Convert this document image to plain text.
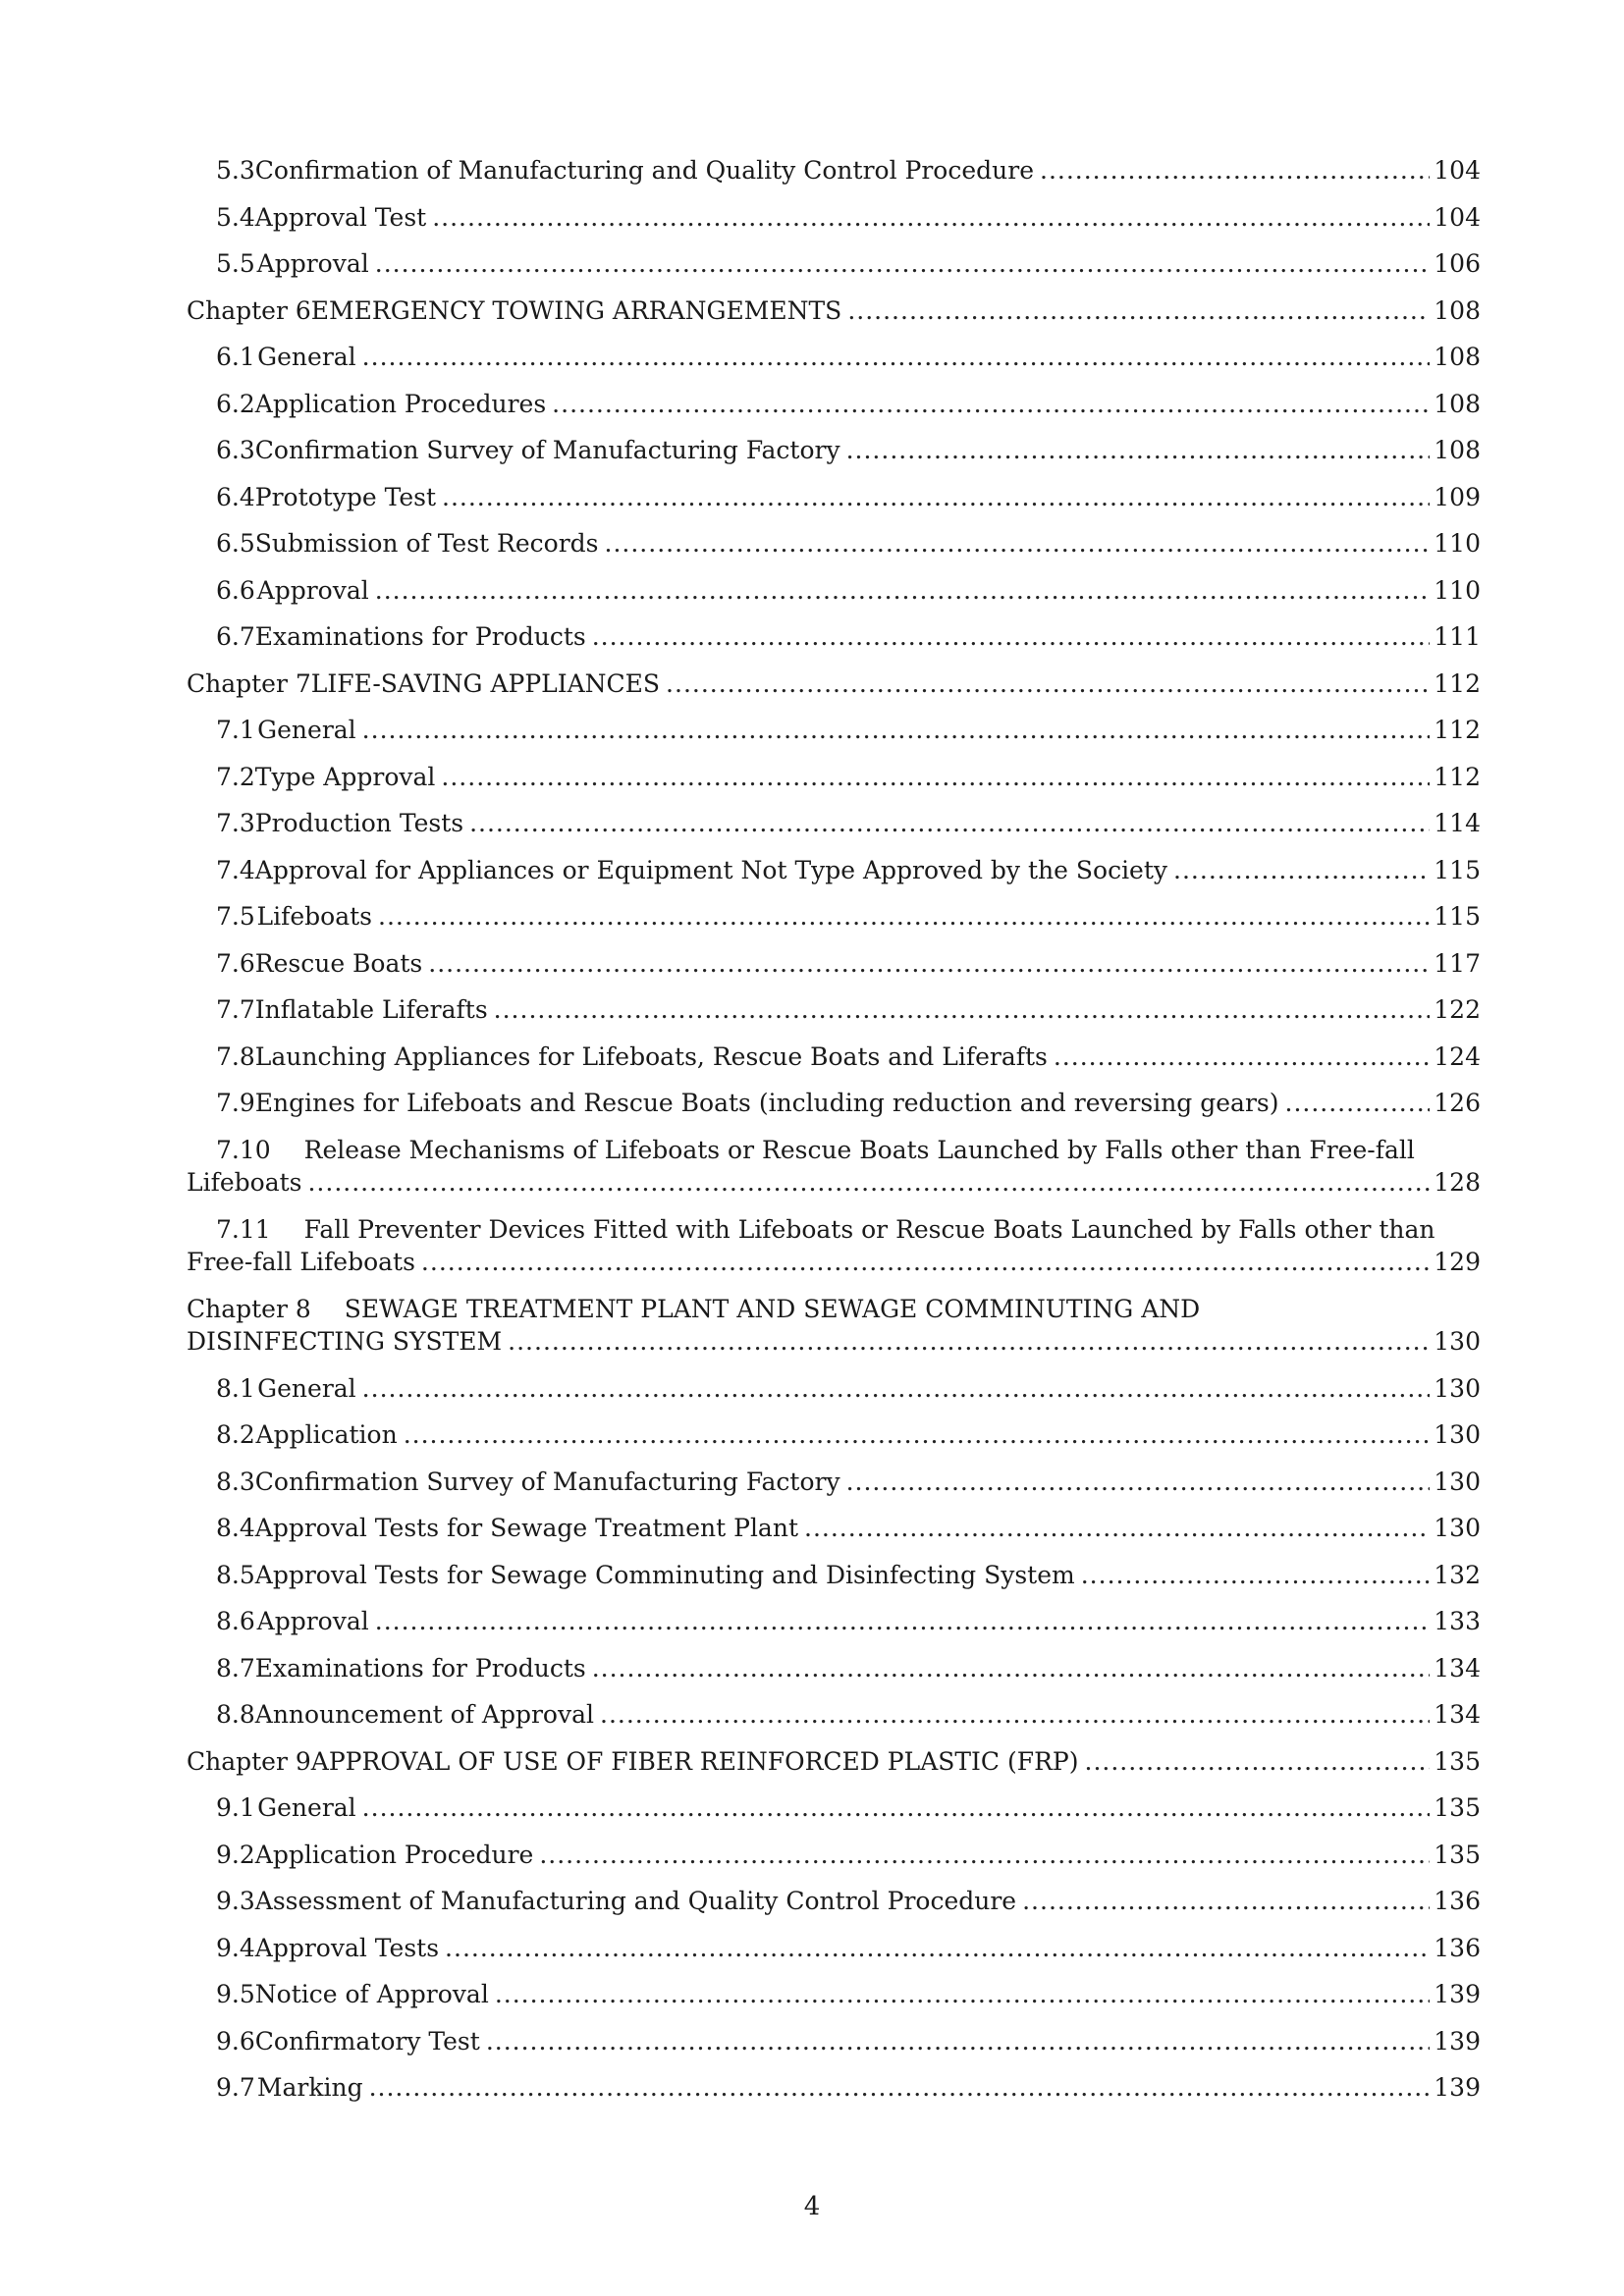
5.3 Confirmation of Manufacturing and Quality Control Procedure .....	104
5.4 Approval Test .....	104
5.5 Approval .....	106
Chapter 6 EMERGENCY TOWING ARRANGEMENTS .....	108
6.1 General .....	108
6.2 Application Procedures .....	108
6.3 Confirmation Survey of Manufacturing Factory .....	108
6.4 Prototype Test .....	109
6.5 Submission of Test Records .....	110
6.6 Approval .....	110
6.7 Examinations for Products .....	111
Chapter 7 LIFE-SAVING APPLIANCES .....	112
7.1 General .....	112
7.2 Type Approval .....	112
7.3 Production Tests .....	114
7.4 Approval for Appliances or Equipment Not Type Approved by the Society .....	115
7.5 Lifeboats .....	115
7.6 Rescue Boats .....	117
7.7 Inflatable Liferafts .....	122
7.8 Launching Appliances for Lifeboats, Rescue Boats and Liferafts .....	124
7.9 Engines for Lifeboats and Rescue Boats (including reduction and reversing gears) .....	126
7.10 Release Mechanisms of Lifeboats or Rescue Boats Launched by Falls other than Free-fall
Lifeboats .....	128
7.11 Fall Preventer Devices Fitted with Lifeboats or Rescue Boats Launched by Falls other than
Free-fall Lifeboats .....	129
Chapter 8 SEWAGE TREATMENT PLANT AND SEWAGE COMMINUTING AND
DISINFECTING SYSTEM .....	130
8.1 General .....	130
8.2 Application .....	130
8.3 Confirmation Survey of Manufacturing Factory .....	130
8.4 Approval Tests for Sewage Treatment Plant .....	130
8.5 Approval Tests for Sewage Comminuting and Disinfecting System .....	132
8.6 Approval .....	133
8.7 Examinations for Products .....	134
8.8 Announcement of Approval .....	134
Chapter 9 APPROVAL OF USE OF FIBER REINFORCED PLASTIC (FRP) .....	135
9.1 General .....	135
9.2 Application Procedure .....	135
9.3 Assessment of Manufacturing and Quality Control Procedure .....	136
9.4 Approval Tests .....	136
9.5 Notice of Approval .....	139
9.6 Confirmatory Test .....	139
9.7 Marking .....	139
4
